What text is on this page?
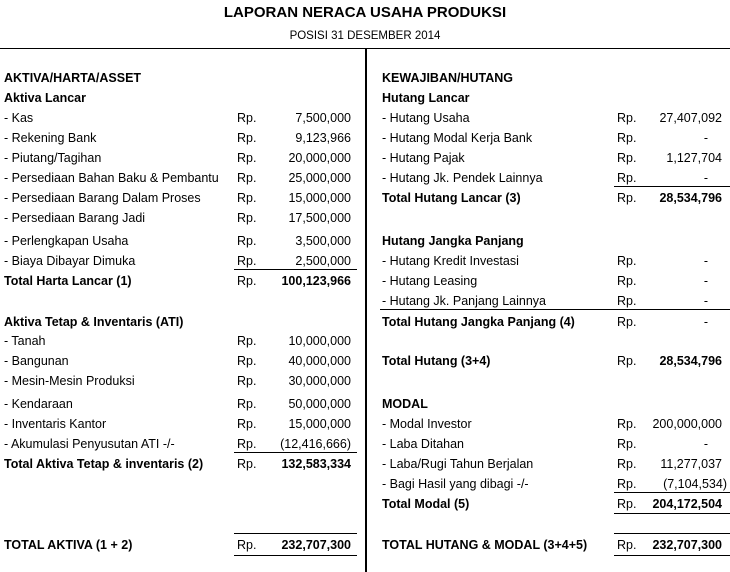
LAPORAN NERACA USAHA PRODUKSI
POSISI 31 DESEMBER 2014
AKTIVA/HARTA/ASSET
Aktiva Lancar
- Kas	Rp.	7,500,000
- Rekening Bank	Rp.	9,123,966
- Piutang/Tagihan	Rp.	20,000,000
- Persediaan Bahan Baku & Pembantu Rp.	25,000,000
- Persediaan Barang Dalam Proses	Rp.	15,000,000
- Persediaan Barang Jadi	Rp.	17,500,000
- Perlengkapan Usaha	Rp.	3,500,000
- Biaya Dibayar Dimuka	Rp.	2,500,000
Total Harta Lancar (1)	Rp.	100,123,966
Aktiva Tetap & Inventaris (ATI)
- Tanah	Rp.	10,000,000
- Bangunan	Rp.	40,000,000
- Mesin-Mesin Produksi	Rp.	30,000,000
- Kendaraan	Rp.	50,000,000
- Inventaris Kantor	Rp.	15,000,000
- Akumulasi Penyusutan ATI -/-	Rp.	(12,416,666)
Total Aktiva Tetap & inventaris (2)	Rp.	132,583,334
TOTAL AKTIVA (1 + 2)	Rp.	232,707,300
KEWAJIBAN/HUTANG
Hutang Lancar
- Hutang Usaha	Rp.	27,407,092
- Hutang Modal Kerja Bank	Rp.	-
- Hutang Pajak	Rp.	1,127,704
- Hutang Jk. Pendek Lainnya	Rp.	-
Total Hutang Lancar (3)	Rp.	28,534,796
Hutang Jangka Panjang
- Hutang Kredit Investasi	Rp.	-
- Hutang Leasing	Rp.	-
- Hutang Jk. Panjang Lainnya	Rp.	-
Total Hutang Jangka Panjang (4)	Rp.	-
Total Hutang (3+4)	Rp.	28,534,796
MODAL
- Modal Investor	Rp.	200,000,000
- Laba Ditahan	Rp.	-
- Laba/Rugi Tahun Berjalan	Rp.	11,277,037
- Bagi Hasil yang dibagi -/-	Rp.	(7,104,534)
Total Modal (5)	Rp.	204,172,504
TOTAL HUTANG & MODAL (3+4+5) Rp.	232,707,300
